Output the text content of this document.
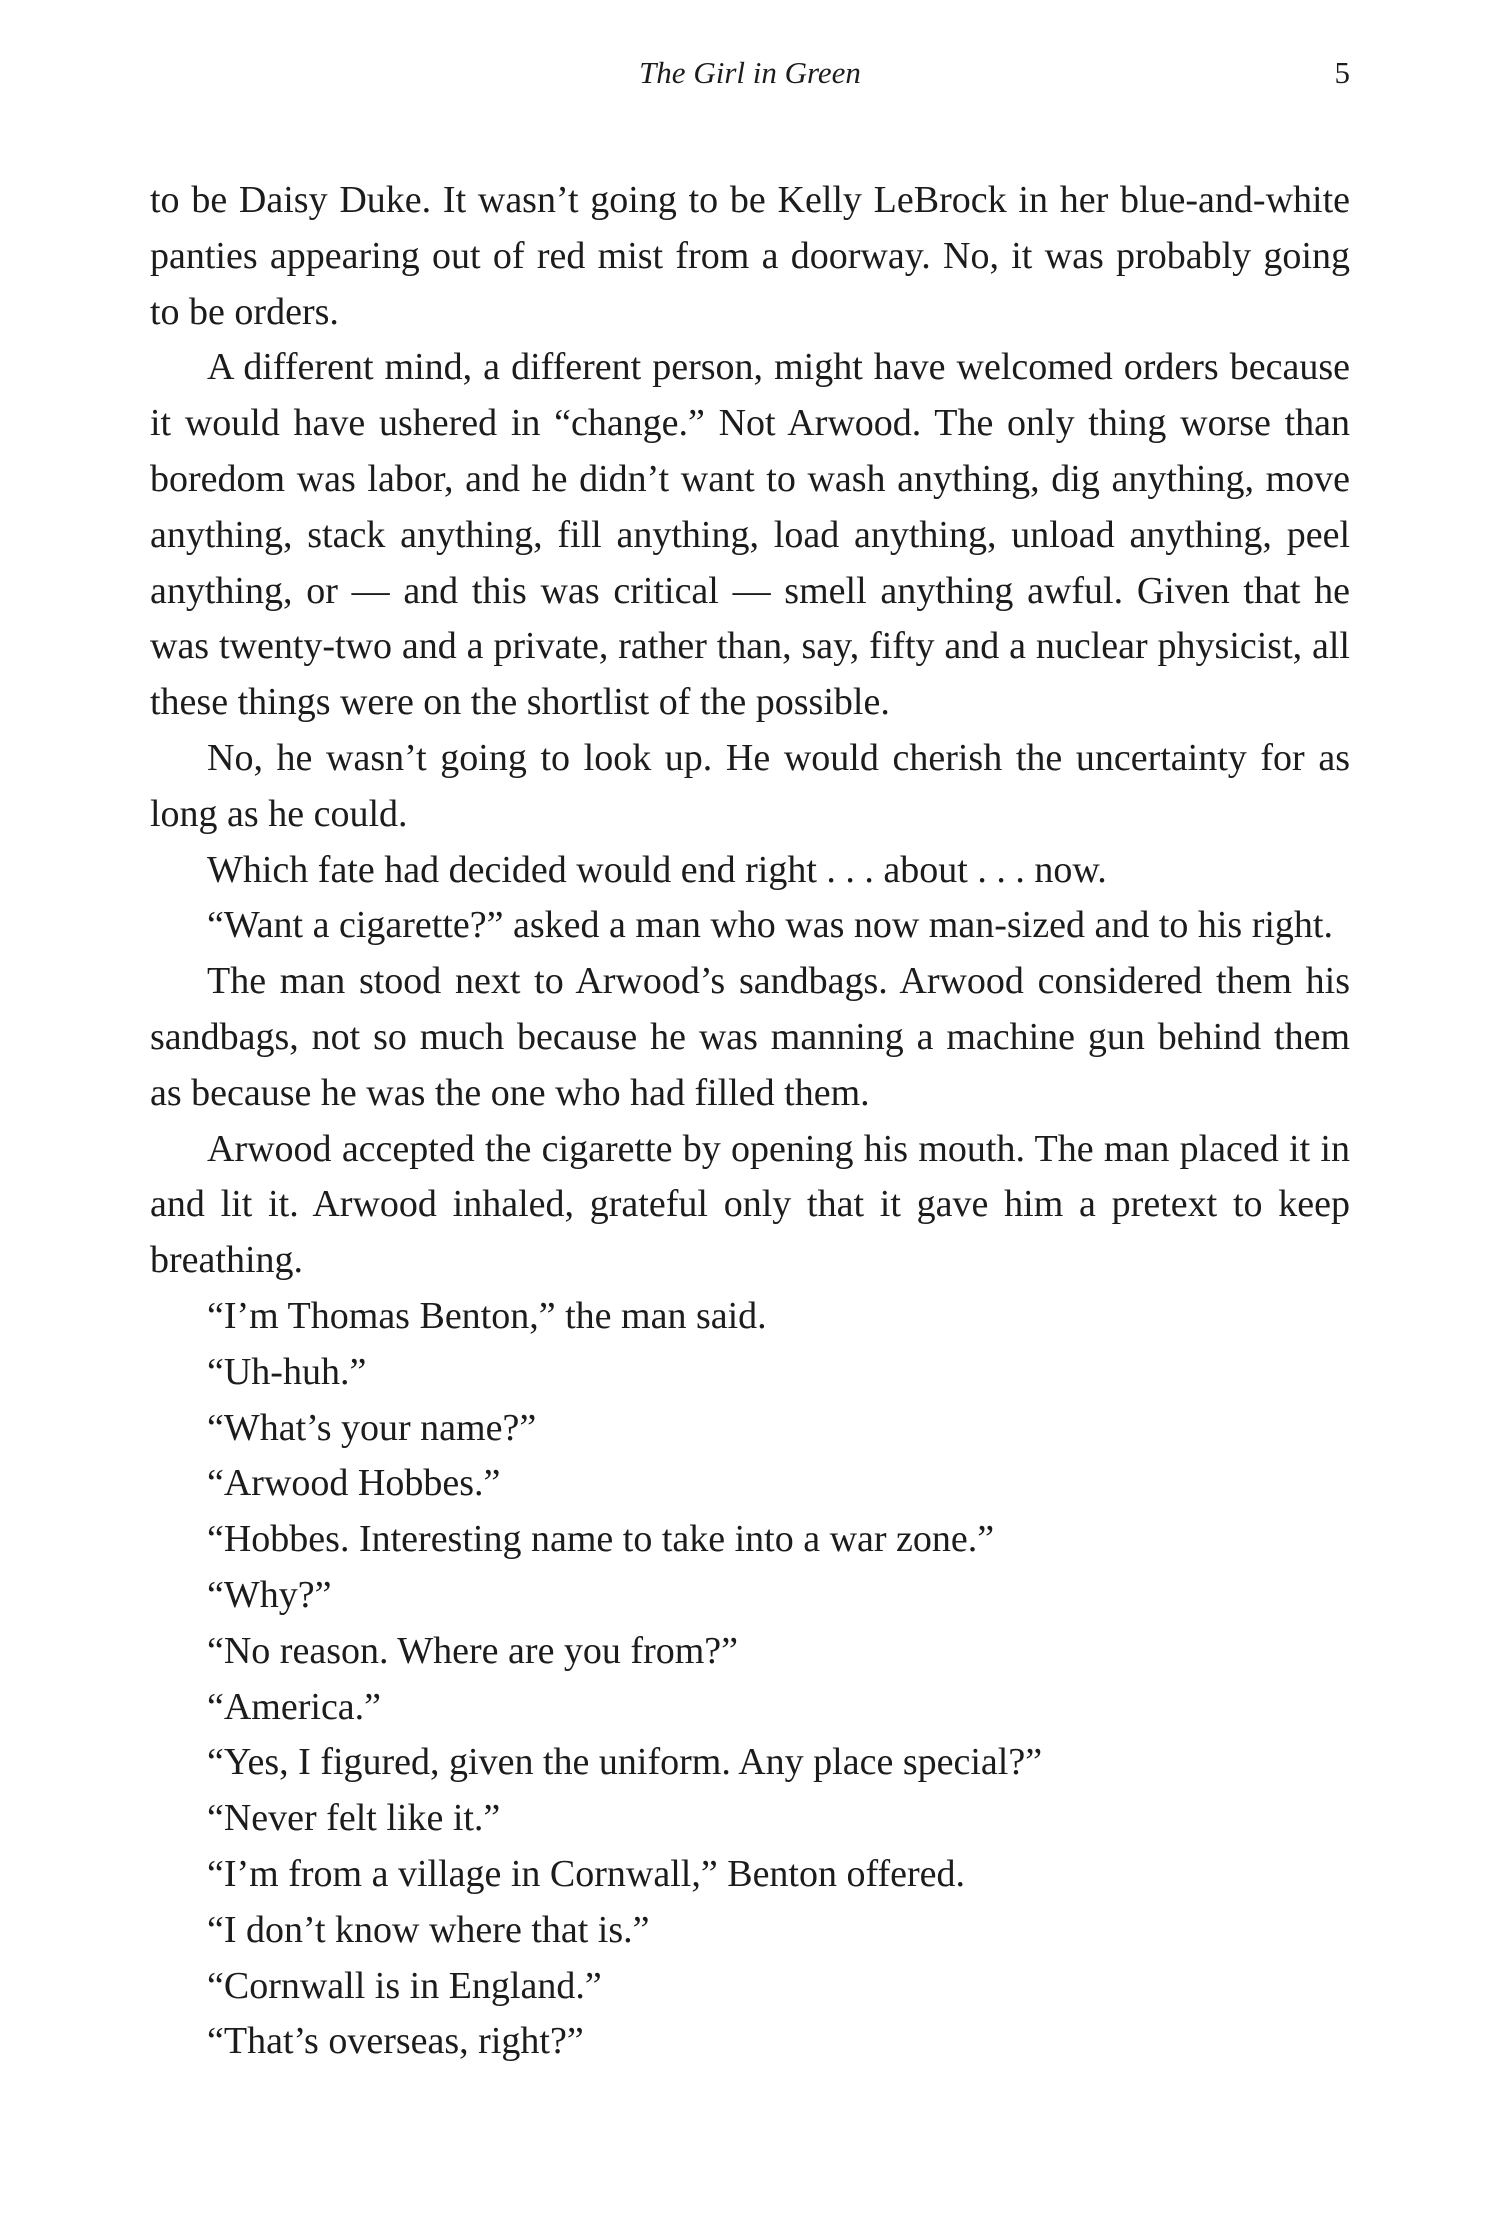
The Girl in Green	5

to be Daisy Duke. It wasn’t going to be Kelly LeBrock in her blue-and-white panties appearing out of red mist from a doorway. No, it was probably going to be orders.

A different mind, a different person, might have welcomed orders because it would have ushered in “change.” Not Arwood. The only thing worse than boredom was labor, and he didn’t want to wash anything, dig anything, move anything, stack anything, fill anything, load anything, unload anything, peel anything, or — and this was critical — smell anything awful. Given that he was twenty-two and a private, rather than, say, fifty and a nuclear physicist, all these things were on the shortlist of the possible.

No, he wasn’t going to look up. He would cherish the uncertainty for as long as he could.

Which fate had decided would end right . . . about . . . now.

“Want a cigarette?” asked a man who was now man-sized and to his right.

The man stood next to Arwood’s sandbags. Arwood considered them his sandbags, not so much because he was manning a machine gun behind them as because he was the one who had filled them.

Arwood accepted the cigarette by opening his mouth. The man placed it in and lit it. Arwood inhaled, grateful only that it gave him a pretext to keep breathing.

“I’m Thomas Benton,” the man said.

“Uh-huh.”

“What’s your name?”

“Arwood Hobbes.”

“Hobbes. Interesting name to take into a war zone.”

“Why?”

“No reason. Where are you from?”

“America.”

“Yes, I figured, given the uniform. Any place special?”

“Never felt like it.”

“I’m from a village in Cornwall,” Benton offered.

“I don’t know where that is.”

“Cornwall is in England.”

“That’s overseas, right?”
